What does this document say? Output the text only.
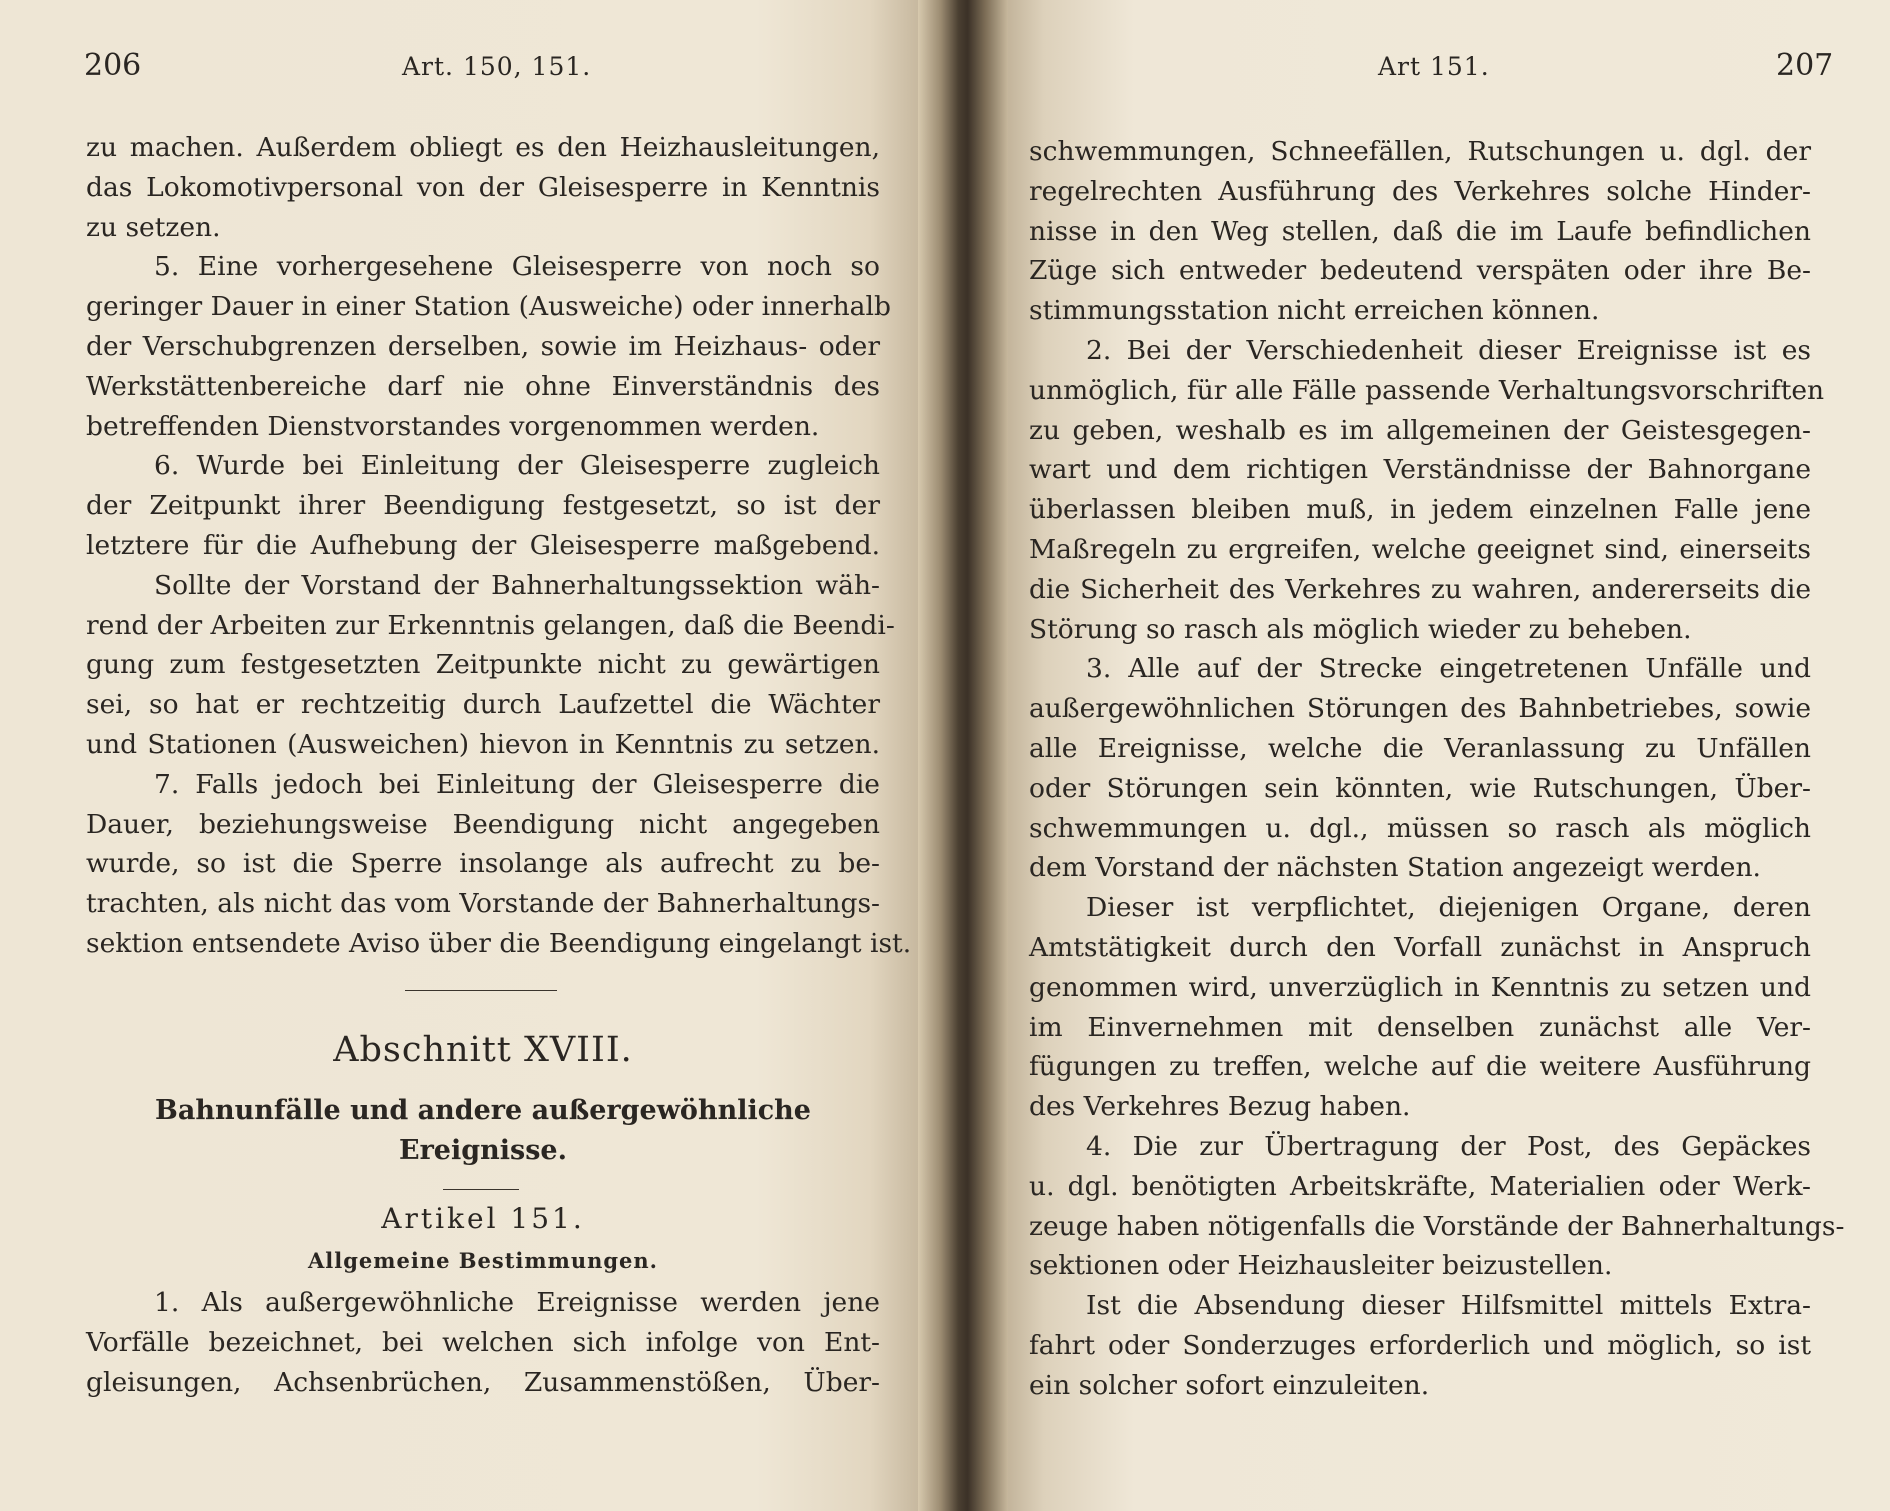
206	Art. 150, 151.
zu machen. Außerdem obliegt es den Heizhausleitungen,
das Lokomotivpersonal von der Gleisesperre in Kenntnis
zu setzen.
5. Eine vorhergesehene Gleisesperre von noch so
geringer Dauer in einer Station (Ausweiche) oder innerhalb
der Verschubgrenzen derselben, sowie im Heizhaus- oder
Werkstättenbereiche darf nie ohne Einverständnis des
betreffenden Dienstvorstandes vorgenommen werden.
6. Wurde bei Einleitung der Gleisesperre zugleich
der Zeitpunkt ihrer Beendigung festgesetzt, so ist der
letztere für die Aufhebung der Gleisesperre maßgebend.
Sollte der Vorstand der Bahnerhaltungssektion wäh-
rend der Arbeiten zur Erkenntnis gelangen, daß die Beendi-
gung zum festgesetzten Zeitpunkte nicht zu gewärtigen
sei, so hat er rechtzeitig durch Laufzettel die Wächter
und Stationen (Ausweichen) hievon in Kenntnis zu setzen.
7. Falls jedoch bei Einleitung der Gleisesperre die
Dauer, beziehungsweise Beendigung nicht angegeben
wurde, so ist die Sperre insolange als aufrecht zu be-
trachten, als nicht das vom Vorstande der Bahnerhaltungs-
sektion entsendete Aviso über die Beendigung eingelangt ist.
Abschnitt XVIII.
Bahnunfälle und andere außergewöhnliche
Ereignisse.
Artikel 151.
Allgemeine Bestimmungen.
1. Als außergewöhnliche Ereignisse werden jene
Vorfälle bezeichnet, bei welchen sich infolge von Ent-
gleisungen, Achsenbrüchen, Zusammenstößen, Über-
Art 151.	207
schwemmungen, Schneefällen, Rutschungen u. dgl. der
regelrechten Ausführung des Verkehres solche Hinder-
nisse in den Weg stellen, daß die im Laufe befindlichen
Züge sich entweder bedeutend verspäten oder ihre Be-
stimmungsstation nicht erreichen können.
2. Bei der Verschiedenheit dieser Ereignisse ist es
unmöglich, für alle Fälle passende Verhaltungsvorschriften
zu geben, weshalb es im allgemeinen der Geistesgegen-
wart und dem richtigen Verständnisse der Bahnorgane
überlassen bleiben muß, in jedem einzelnen Falle jene
Maßregeln zu ergreifen, welche geeignet sind, einerseits
die Sicherheit des Verkehres zu wahren, andererseits die
Störung so rasch als möglich wieder zu beheben.
3. Alle auf der Strecke eingetretenen Unfälle und
außergewöhnlichen Störungen des Bahnbetriebes, sowie
alle Ereignisse, welche die Veranlassung zu Unfällen
oder Störungen sein könnten, wie Rutschungen, Über-
schwemmungen u. dgl., müssen so rasch als möglich
dem Vorstand der nächsten Station angezeigt werden.
Dieser ist verpflichtet, diejenigen Organe, deren
Amtstätigkeit durch den Vorfall zunächst in Anspruch
genommen wird, unverzüglich in Kenntnis zu setzen und
im Einvernehmen mit denselben zunächst alle Ver-
fügungen zu treffen, welche auf die weitere Ausführung
des Verkehres Bezug haben.
4. Die zur Übertragung der Post, des Gepäckes
u. dgl. benötigten Arbeitskräfte, Materialien oder Werk-
zeuge haben nötigenfalls die Vorstände der Bahnerhaltungs-
sektionen oder Heizhausleiter beizustellen.
Ist die Absendung dieser Hilfsmittel mittels Extra-
fahrt oder Sonderzuges erforderlich und möglich, so ist
ein solcher sofort einzuleiten.
